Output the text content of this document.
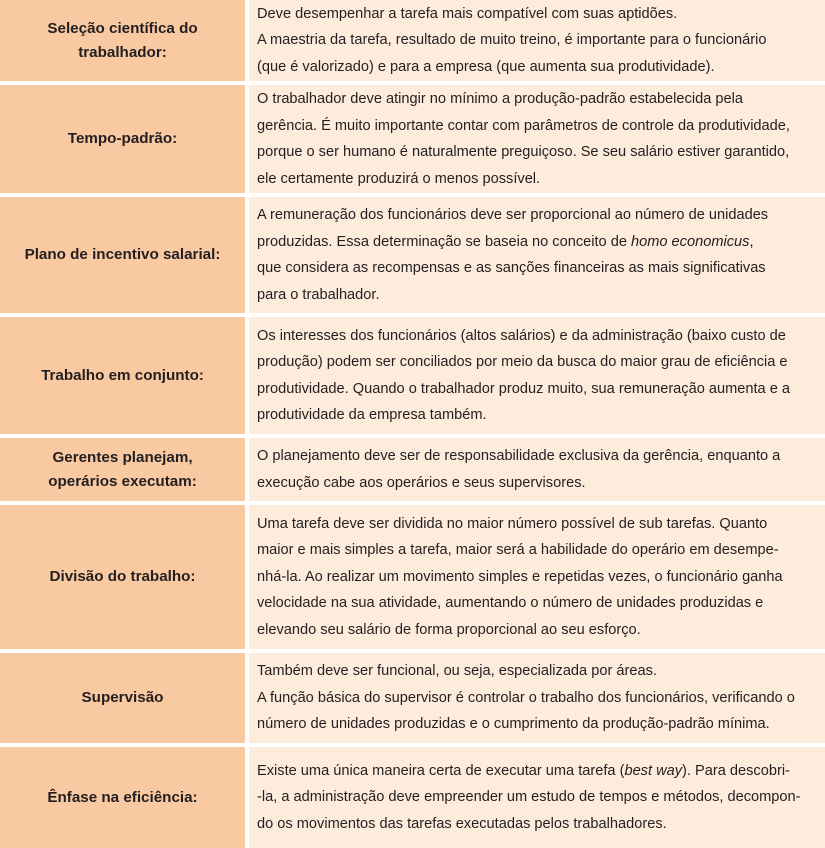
Seleção científica do
trabalhador:	Deve desempenhar a tarefa mais compatível com suas aptidões.
A maestria da tarefa, resultado de muito treino, é importante para o funcionário
(que é valorizado) e para a empresa (que aumenta sua produtividade).

Tempo-padrão:	O trabalhador deve atingir no mínimo a produção-padrão estabelecida pela
gerência. É muito importante contar com parâmetros de controle da produtividade,
porque o ser humano é naturalmente preguiçoso. Se seu salário estiver garantido,
ele certamente produzirá o menos possível.

Plano de incentivo salarial:	A remuneração dos funcionários deve ser proporcional ao número de unidades
produzidas. Essa determinação se baseia no conceito de homo economicus,
que considera as recompensas e as sanções financeiras as mais significativas
para o trabalhador.

Trabalho em conjunto:	Os interesses dos funcionários (altos salários) e da administração (baixo custo de
produção) podem ser conciliados por meio da busca do maior grau de eficiência e
produtividade. Quando o trabalhador produz muito, sua remuneração aumenta e a
produtividade da empresa também.

Gerentes planejam,
operários executam:	O planejamento deve ser de responsabilidade exclusiva da gerência, enquanto a
execução cabe aos operários e seus supervisores.

Divisão do trabalho:	Uma tarefa deve ser dividida no maior número possível de sub tarefas. Quanto
maior e mais simples a tarefa, maior será a habilidade do operário em desempe-
nhá-la. Ao realizar um movimento simples e repetidas vezes, o funcionário ganha
velocidade na sua atividade, aumentando o número de unidades produzidas e
elevando seu salário de forma proporcional ao seu esforço.

Supervisão	Também deve ser funcional, ou seja, especializada por áreas.
A função básica do supervisor é controlar o trabalho dos funcionários, verificando o
número de unidades produzidas e o cumprimento da produção-padrão mínima.

Ênfase na eficiência:	Existe uma única maneira certa de executar uma tarefa (best way). Para descobri-
-la, a administração deve empreender um estudo de tempos e métodos, decompon-
do os movimentos das tarefas executadas pelos trabalhadores.
